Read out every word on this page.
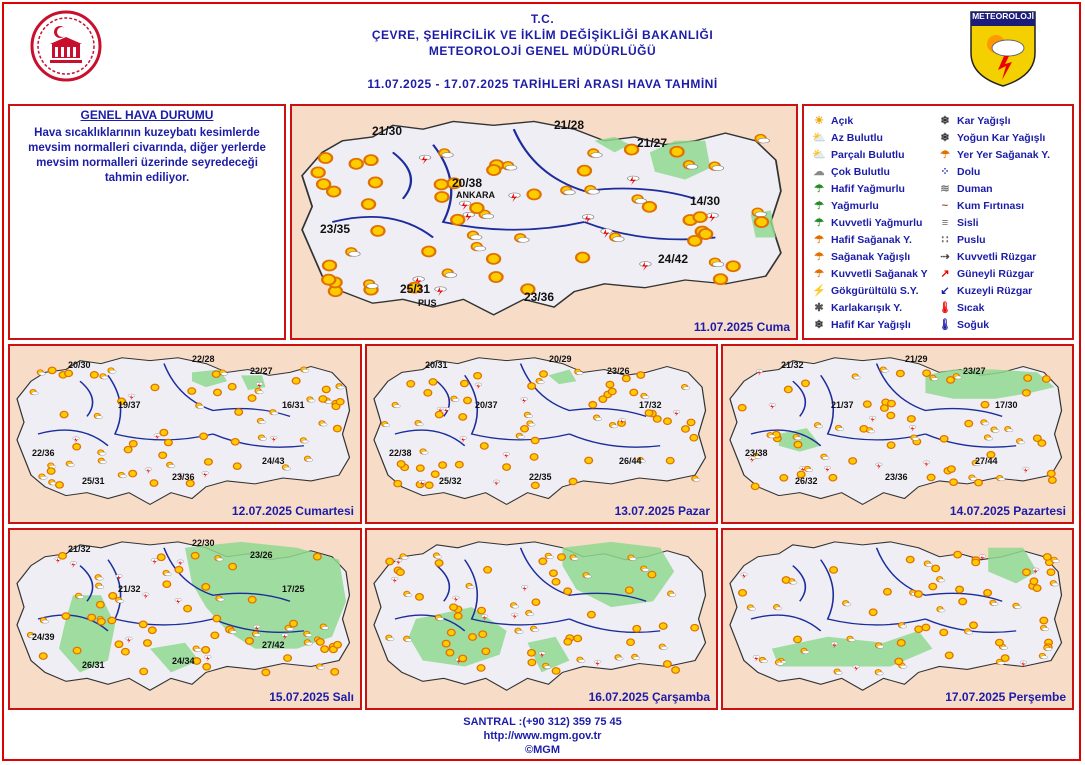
METEOROLOJİ
T.C.
ÇEVRE, ŞEHİRCİLİK VE İKLİM DEĞİŞİKLİĞİ BAKANLIĞI
METEOROLOJİ GENEL MÜDÜRLÜĞÜ
11.07.2025 - 17.07.2025 TARİHLERİ ARASI HAVA TAHMİNİ
GENEL HAVA DURUMU
Hava sıcaklıklarının kuzeybatı kesimlerde mevsim normalleri civarında, diğer yerlerde mevsim normalleri üzerinde seyredeceği tahmin ediliyor.
21/30	21/28
21/27
20/38
14/30
23/35
24/42
25/31
23/36
ANKARA
PUS
11.07.2025 Cuma
☀ Açık
⛅ Az Bulutlu
⛅ Parçalı Bulutlu
☁ Çok Bulutlu
☂ Hafif Yağmurlu
☂ Yağmurlu
☂ Kuvvetli Yağmurlu
☂ Hafif Sağanak Y.
☂ Sağanak Yağışlı
☂ Kuvvetli Sağanak Y
⚡ Gökgürültülü S.Y.
✱ Karlakarışık Y.
❄ Hafif Kar Yağışlı
❄ Kar Yağışlı
❄ Yoğun Kar Yağışlı
☂ Yer Yer Sağanak Y.
⁘ Dolu
≋ Duman
~ Kum Fırtınası
≡ Sisli
∷ Puslu
⇢ Kuvvetli Rüzgar
↗ Güneyli Rüzgar
↙ Kuzeyli Rüzgar
🌡 Sıcak
🌡 Soğuk
12.07.2025 Cumartesi
20/30
22/28
22/27
19/37	16/31
22/36
24/43
25/31	23/36
13.07.2025 Pazar
20/31
20/29
23/26
20/37	17/32
22/38
26/44
25/32	22/35
14.07.2025 Pazartesi
21/32
21/29
23/27
21/37	17/30
23/38
27/44
26/32	23/36
15.07.2025 Salı
21/32
22/30
23/26
21/32	17/25
24/39
27/42
26/31	24/34
16.07.2025 Çarşamba	17.07.2025 Perşembe
SANTRAL :(+90 312) 359 75 45
http://www.mgm.gov.tr
©MGM
